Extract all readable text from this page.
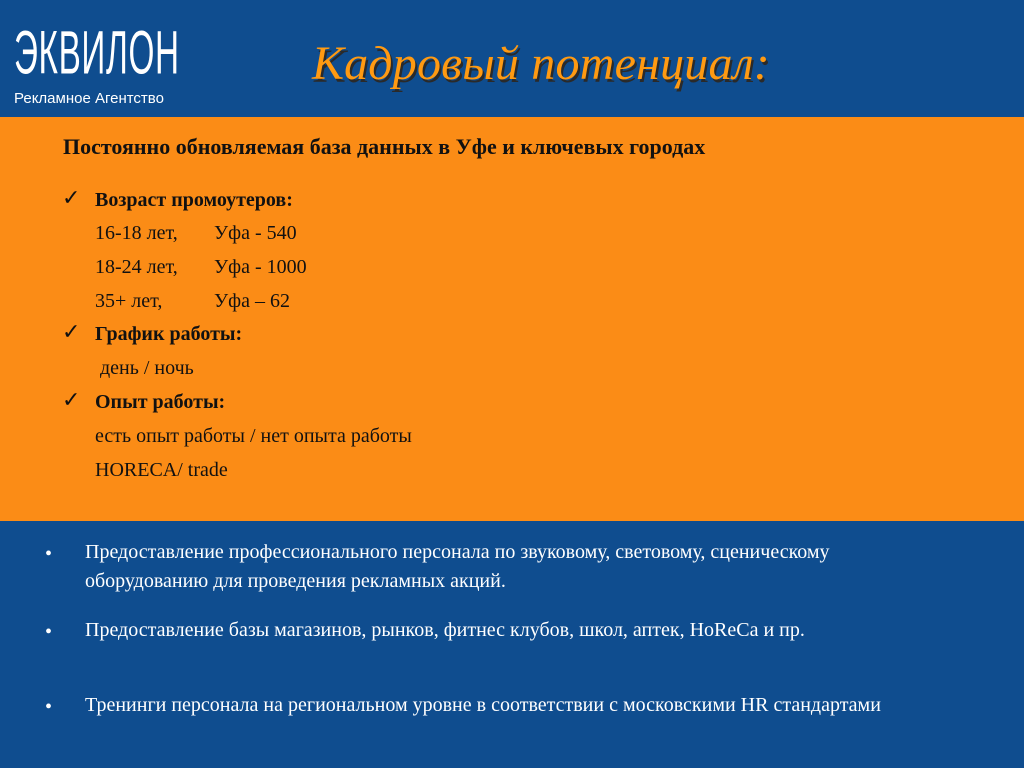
ЭКВИЛОН
Рекламное Агентство
Кадровый потенциал:
Постоянно обновляемая база данных в Уфе и ключевых городах
✓ Возраст промоутеров:
16-18 лет, Уфа - 540
18-24 лет, Уфа - 1000
35+ лет,	Уфа – 62
✓ График работы:
день / ночь
✓ Опыт работы:
есть опыт работы / нет опыта работы
HORECA/ trade
• Предоставление профессионального персонала по звуковому, световому, сценическому оборудованию для проведения рекламных акций.
• Предоставление базы магазинов, рынков, фитнес клубов, школ, аптек, HoReCa и пр.
• Тренинги персонала на региональном уровне в соответствии с московскими HR стандартами
